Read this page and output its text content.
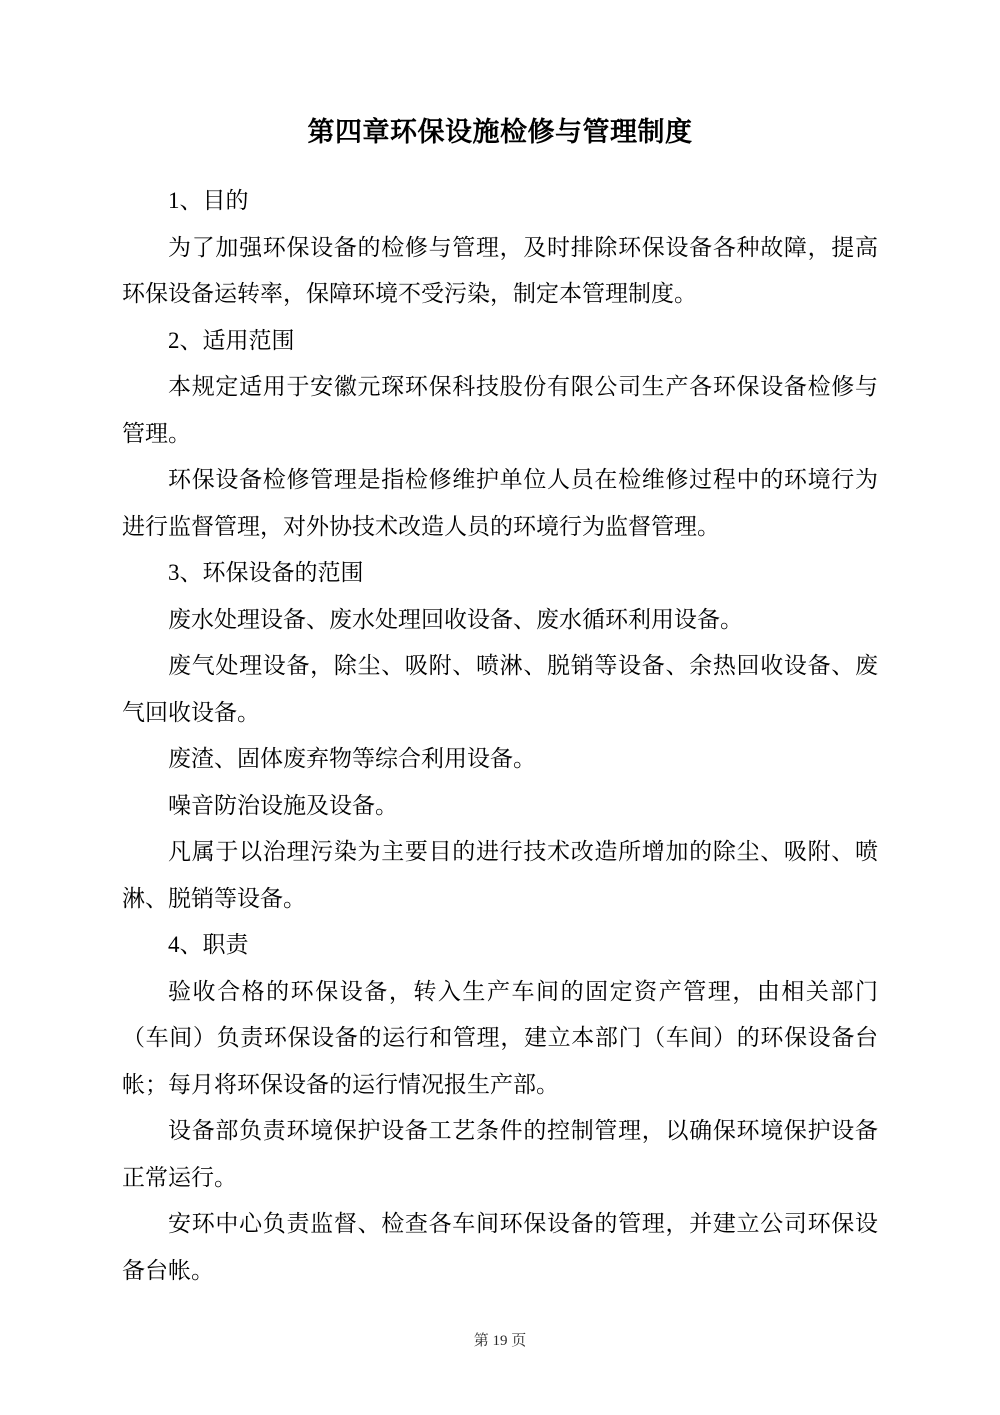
第四章环保设施检修与管理制度

1、目的

为了加强环保设备的检修与管理，及时排除环保设备各种故障，提高环保设备运转率，保障环境不受污染，制定本管理制度。

2、适用范围

本规定适用于安徽元琛环保科技股份有限公司生产各环保设备检修与管理。

环保设备检修管理是指检修维护单位人员在检维修过程中的环境行为进行监督管理，对外协技术改造人员的环境行为监督管理。

3、环保设备的范围

废水处理设备、废水处理回收设备、废水循环利用设备。

废气处理设备，除尘、吸附、喷淋、脱销等设备、余热回收设备、废气回收设备。

废渣、固体废弃物等综合利用设备。

噪音防治设施及设备。

凡属于以治理污染为主要目的进行技术改造所增加的除尘、吸附、喷淋、脱销等设备。

4、职责

验收合格的环保设备，转入生产车间的固定资产管理，由相关部门（车间）负责环保设备的运行和管理，建立本部门（车间）的环保设备台帐；每月将环保设备的运行情况报生产部。

设备部负责环境保护设备工艺条件的控制管理，以确保环境保护设备正常运行。

安环中心负责监督、检查各车间环保设备的管理，并建立公司环保设备台帐。

第 19 页
